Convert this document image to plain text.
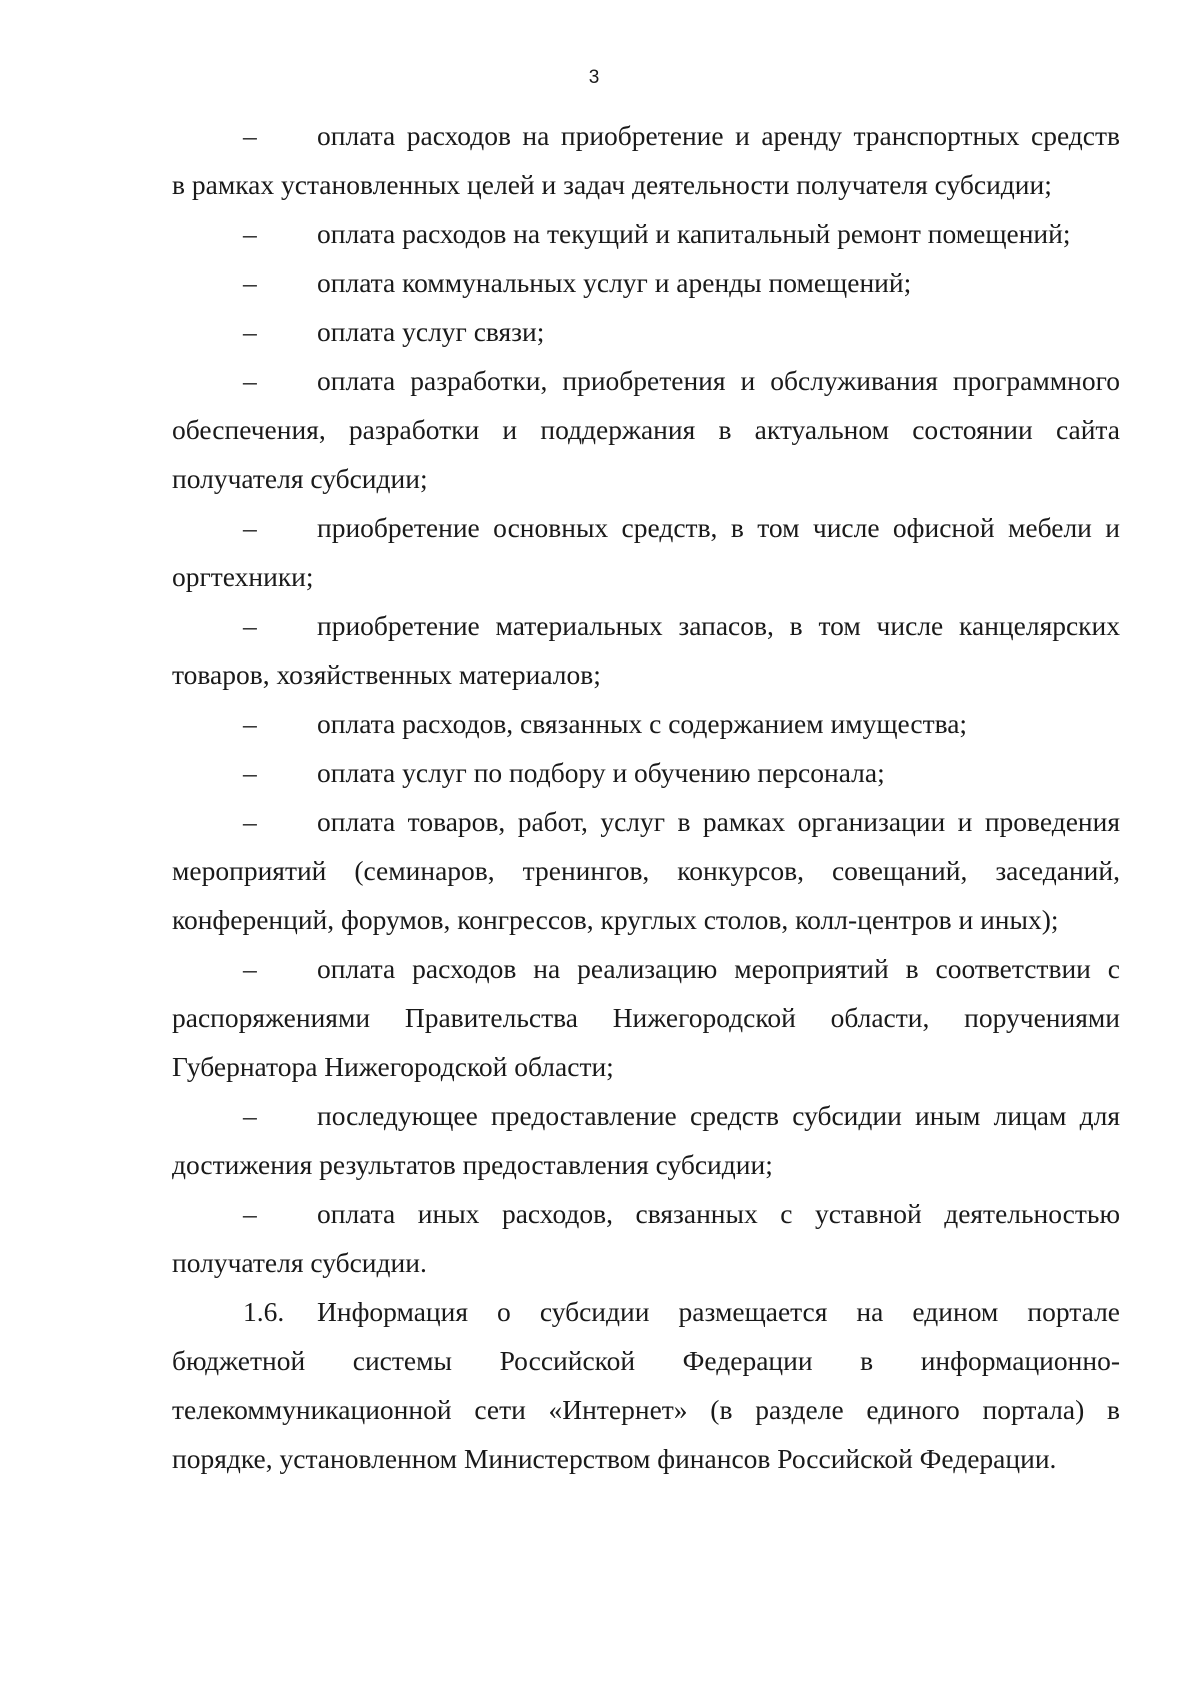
3
–	оплата расходов на приобретение и аренду транспортных средств
в рамках установленных целей и задач деятельности получателя субсидии;
–	оплата расходов на текущий и капитальный ремонт помещений;
–	оплата коммунальных услуг и аренды помещений;
–	оплата услуг связи;
–	оплата разработки, приобретения и обслуживания программного
обеспечения, разработки и поддержания в актуальном состоянии сайта
получателя субсидии;
–	приобретение основных средств, в том числе офисной мебели и
оргтехники;
–	приобретение материальных запасов, в том числе канцелярских
товаров, хозяйственных материалов;
–	оплата расходов, связанных с содержанием имущества;
–	оплата услуг по подбору и обучению персонала;
–	оплата товаров, работ, услуг в рамках организации и проведения
мероприятий (семинаров, тренингов, конкурсов, совещаний, заседаний,
конференций, форумов, конгрессов, круглых столов, колл-центров и иных);
–	оплата расходов на реализацию мероприятий в соответствии с
распоряжениями Правительства Нижегородской области, поручениями
Губернатора Нижегородской области;
–	последующее предоставление средств субсидии иным лицам для
достижения результатов предоставления субсидии;
–	оплата иных расходов, связанных с уставной деятельностью
получателя субсидии.
1.6.	Информация о субсидии размещается на едином портале
бюджетной системы Российской Федерации в информационно-
телекоммуникационной сети «Интернет» (в разделе единого портала) в
порядке, установленном Министерством финансов Российской Федерации.
